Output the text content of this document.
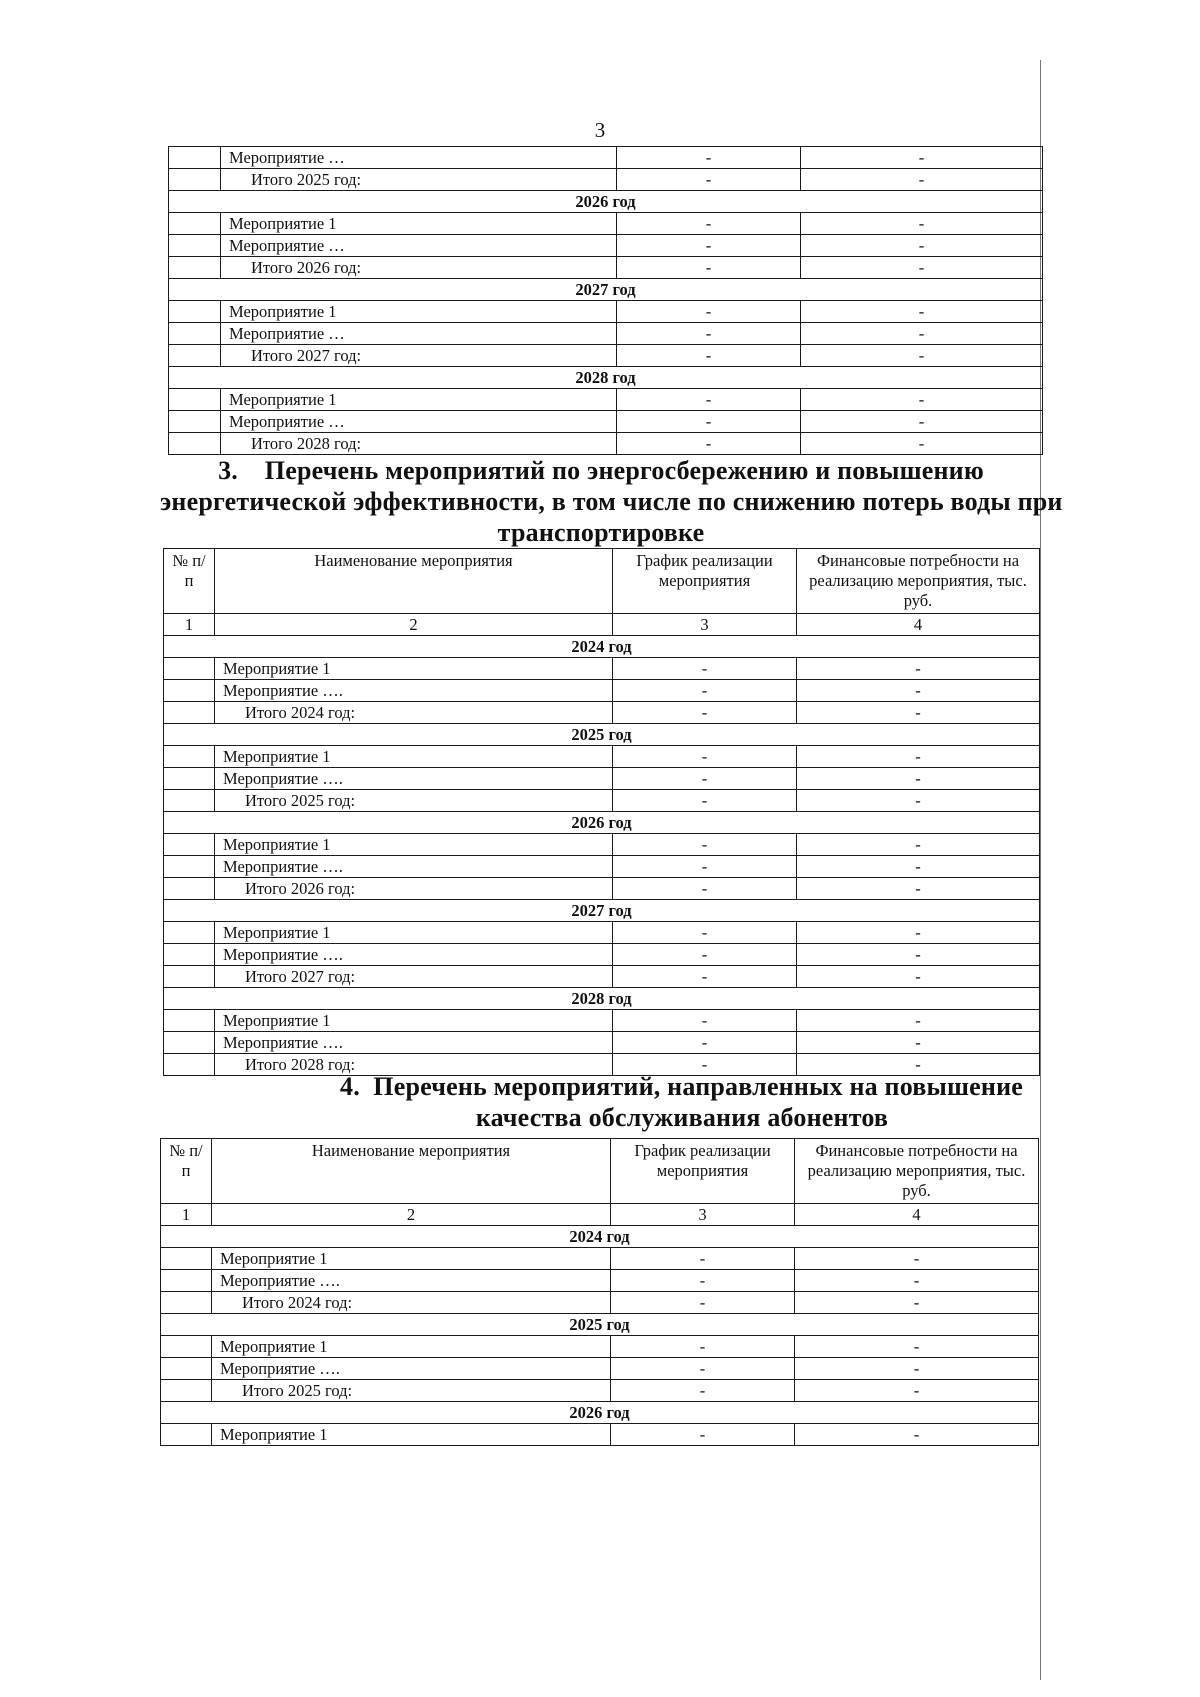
3
	Мероприятие …	-	-
	Итого 2025 год:	-	-
2026 год			
	Мероприятие 1	-	-
	Мероприятие …	-	-
	Итого 2026 год:	-	-
2027 год			
	Мероприятие 1	-	-
	Мероприятие …	-	-
	Итого 2027 год:	-	-
2028 год			
	Мероприятие 1	-	-
	Мероприятие …	-	-
	Итого 2028 год:	-	-
3.    Перечень мероприятий по энергосбережению и повышению
энергетической эффективности, в том числе по снижению потерь воды при
транспортировке
№ п/п	Наименование мероприятия	График реализации мероприятия	Финансовые потребности на реализацию мероприятия, тыс. руб.
1	2	3	4
2024 год			
	Мероприятие 1	-	-
	Мероприятие ….	-	-
	Итого 2024 год:	-	-
2025 год			
	Мероприятие 1	-	-
	Мероприятие ….	-	-
	Итого 2025 год:	-	-
2026 год			
	Мероприятие 1	-	-
	Мероприятие ….	-	-
	Итого 2026 год:	-	-
2027 год			
	Мероприятие 1	-	-
	Мероприятие ….	-	-
	Итого 2027 год:	-	-
2028 год			
	Мероприятие 1	-	-
	Мероприятие ….	-	-
	Итого 2028 год:	-	-
4.  Перечень мероприятий, направленных на повышение
качества обслуживания абонентов
№ п/п	Наименование мероприятия	График реализации мероприятия	Финансовые потребности на реализацию мероприятия, тыс. руб.
1	2	3	4
2024 год			
	Мероприятие 1	-	-
	Мероприятие ….	-	-
	Итого 2024 год:	-	-
2025 год			
	Мероприятие 1	-	-
	Мероприятие ….	-	-
	Итого 2025 год:	-	-
2026 год			
	Мероприятие 1	-	-
